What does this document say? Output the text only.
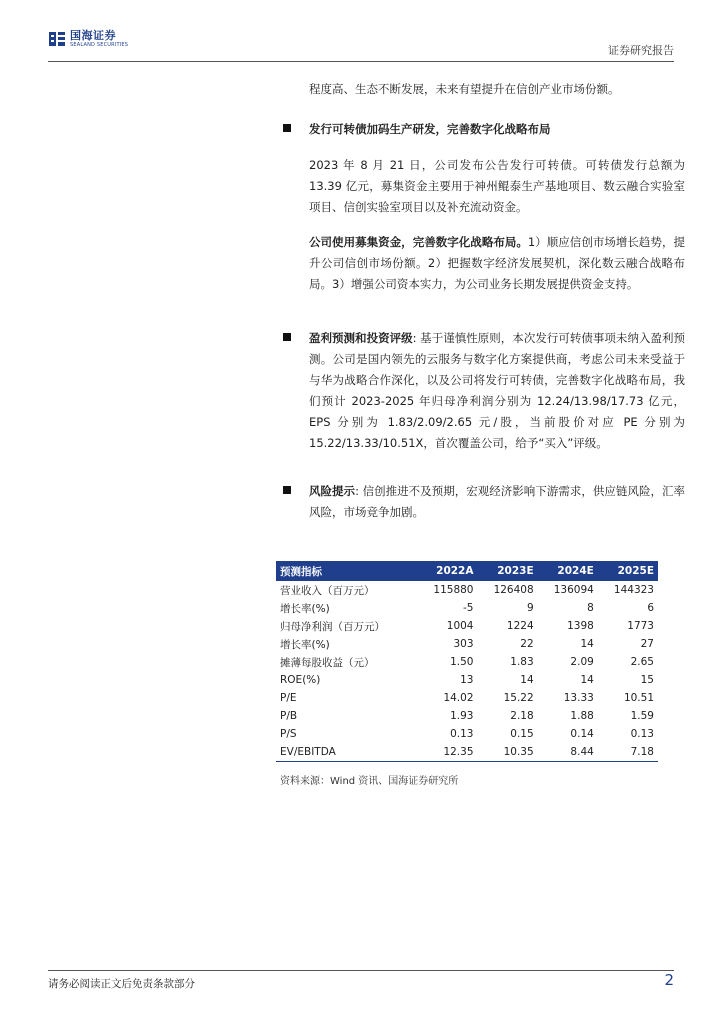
国海证券
SEALAND SECURITIES	证券研究报告
程度高、生态不断发展，未来有望提升在信创产业市场份额。
发行可转债加码生产研发，完善数字化战略布局
2023 年 8 月 21 日，公司发布公告发行可转债。可转债发行总额为 13.39 亿元，募集资金主要用于神州鲲泰生产基地项目、数云融合实验室项目、信创实验室项目以及补充流动资金。
公司使用募集资金，完善数字化战略布局。1）顺应信创市场增长趋势，提升公司信创市场份额。2）把握数字经济发展契机，深化数云融合战略布局。3）增强公司资本实力，为公司业务长期发展提供资金支持。
盈利预测和投资评级: 基于谨慎性原则，本次发行可转债事项未纳入盈利预测。公司是国内领先的云服务与数字化方案提供商，考虑公司未来受益于与华为战略合作深化，以及公司将发行可转债，完善数字化战略布局，我们预计 2023-2025 年归母净利润分别为 12.24/13.98/17.73 亿元，EPS 分别为 1.83/2.09/2.65 元/股，当前股价对应 PE 分别为 15.22/13.33/10.51X，首次覆盖公司，给予“买入”评级。
风险提示: 信创推进不及预期，宏观经济影响下游需求，供应链风险，汇率风险，市场竞争加剧。
预测指标	2022A	2023E	2024E	2025E
营业收入（百万元）	115880	126408	136094	144323
增长率(%)	-5	9	8	6
归母净利润（百万元）	1004	1224	1398	1773
增长率(%)	303	22	14	27
摊薄每股收益（元）	1.50	1.83	2.09	2.65
ROE(%)	13	14	14	15
P/E	14.02	15.22	13.33	10.51
P/B	1.93	2.18	1.88	1.59
P/S	0.13	0.15	0.14	0.13
EV/EBITDA	12.35	10.35	8.44	7.18
资料来源：Wind 资讯、国海证券研究所
请务必阅读正文后免责条款部分	2
